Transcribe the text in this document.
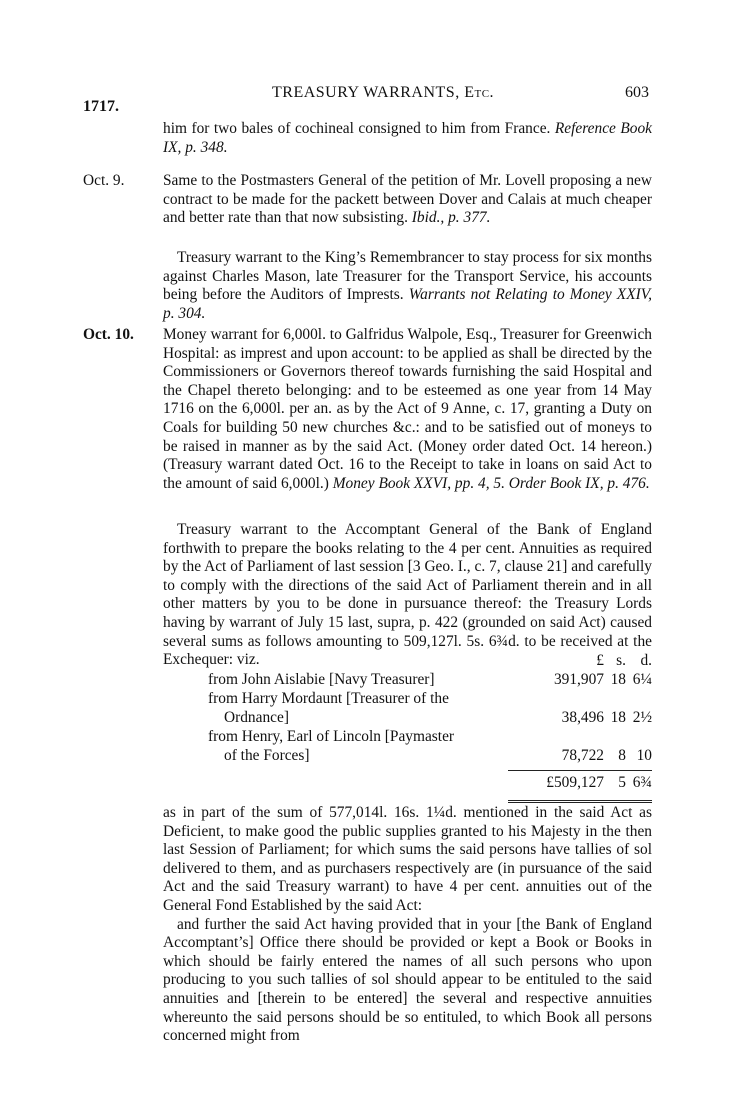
1717.
TREASURY WARRANTS, Etc.	603

him for two bales of cochineal consigned to him from France. Reference Book IX, p. 348.

Oct. 9.	Same to the Postmasters General of the petition of Mr. Lovell proposing a new contract to be made for the packett between Dover and Calais at much cheaper and better rate than that now subsisting. Ibid., p. 377.

Treasury warrant to the King’s Remembrancer to stay process for six months against Charles Mason, late Treasurer for the Transport Service, his accounts being before the Auditors of Imprests. Warrants not Relating to Money XXIV, p. 304.

Oct. 10. Money warrant for 6,000l. to Galfridus Walpole, Esq., Treasurer for Greenwich Hospital: as imprest and upon account: to be applied as shall be directed by the Commissioners or Governors thereof towards furnishing the said Hospital and the Chapel thereto belonging: and to be esteemed as one year from 14 May 1716 on the 6,000l. per an. as by the Act of 9 Anne, c. 17, granting a Duty on Coals for building 50 new churches &c.: and to be satisfied out of moneys to be raised in manner as by the said Act. (Money order dated Oct. 14 hereon.) (Treasury warrant dated Oct. 16 to the Receipt to take in loans on said Act to the amount of said 6,000l.) Money Book XXVI, pp. 4, 5. Order Book IX, p. 476.

Treasury warrant to the Accomptant General of the Bank of England forthwith to prepare the books relating to the 4 per cent. Annuities as required by the Act of Parliament of last session [3 Geo. I., c. 7, clause 21] and carefully to comply with the directions of the said Act of Parliament therein and in all other matters by you to be done in pursuance thereof: the Treasury Lords having by warrant of July 15 last, supra, p. 422 (grounded on said Act) caused several sums as follows amounting to 509,127l. 5s. 6¾d. to be received at the Exchequer: viz.	£ s. d.
from John Aislabie [Navy Treasurer]	391,907 18 6¼
from Harry Mordaunt [Treasurer of the
Ordnance]	38,496 18 2½
from Henry, Earl of Lincoln [Paymaster
of the Forces]	78,722 8 10
£509,127 5 6¾

as in part of the sum of 577,014l. 16s. 1¼d. mentioned in the said Act as Deficient, to make good the public supplies granted to his Majesty in the then last Session of Parliament; for which sums the said persons have tallies of sol delivered to them, and as purchasers respectively are (in pursuance of the said Act and the said Treasury warrant) to have 4 per cent. annuities out of the General Fond Established by the said Act:

and further the said Act having provided that in your [the Bank of England Accomptant’s] Office there should be provided or kept a Book or Books in which should be fairly entered the names of all such persons who upon producing to you such tallies of sol should appear to be entituled to the said annuities and [therein to be entered] the several and respective annuities whereunto the said persons should be so entituled, to which Book all persons concerned might from
